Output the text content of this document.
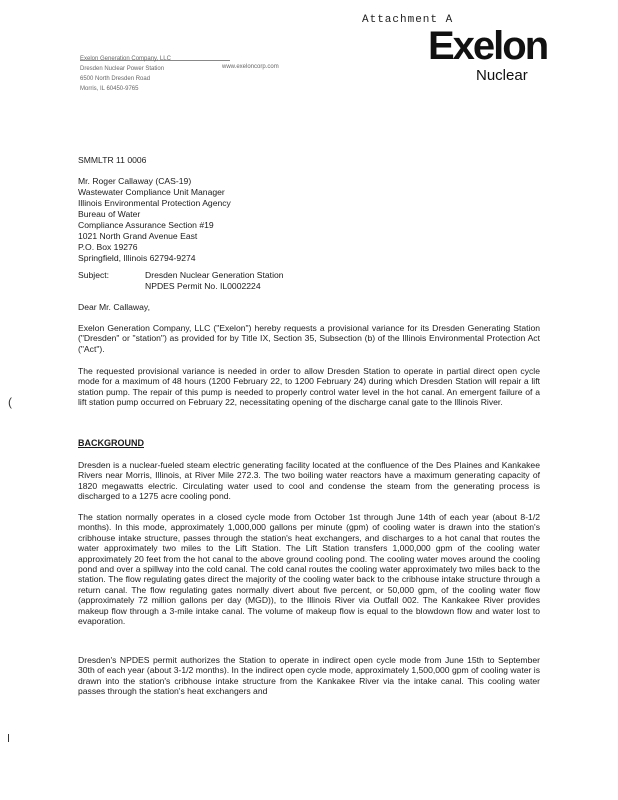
Attachment A
Exelon
Nuclear
Exelon Generation Company, LLC
Dresden Nuclear Power Station
6500 North Dresden Road
Morris, IL 60450-9765
www.exeloncorp.com
SMMLTR 11 0006
Mr. Roger Callaway (CAS-19)
Wastewater Compliance Unit Manager
Illinois Environmental Protection Agency
Bureau of Water
Compliance Assurance Section #19
1021 North Grand Avenue East
P.O. Box 19276
Springfield, Illinois 62794-9274
Subject:	Dresden Nuclear Generation Station
NPDES Permit No. IL0002224
Dear Mr. Callaway,
Exelon Generation Company, LLC ("Exelon") hereby requests a provisional variance for its Dresden Generating Station ("Dresden" or "station") as provided for by Title IX, Section 35, Subsection (b) of the Illinois Environmental Protection Act ("Act").
The requested provisional variance is needed in order to allow Dresden Station to operate in partial direct open cycle mode for a maximum of 48 hours (1200 February 22, to 1200 February 24) during which Dresden Station will repair a lift station pump. The repair of this pump is needed to properly control water level in the hot canal. An emergent failure of a lift station pump occurred on February 22, necessitating opening of the discharge canal gate to the Illinois River.
BACKGROUND
Dresden is a nuclear-fueled steam electric generating facility located at the confluence of the Des Plaines and Kankakee Rivers near Morris, Illinois, at River Mile 272.3. The two boiling water reactors have a maximum generating capacity of 1820 megawatts electric. Circulating water used to cool and condense the steam from the generating process is discharged to a 1275 acre cooling pond.
The station normally operates in a closed cycle mode from October 1st through June 14th of each year (about 8-1/2 months). In this mode, approximately 1,000,000 gallons per minute (gpm) of cooling water is drawn into the station's cribhouse intake structure, passes through the station's heat exchangers, and discharges to a hot canal that routes the water approximately two miles to the Lift Station. The Lift Station transfers 1,000,000 gpm of the cooling water approximately 20 feet from the hot canal to the above ground cooling pond. The cooling water moves around the cooling pond and over a spillway into the cold canal. The cold canal routes the cooling water approximately two miles back to the station. The flow regulating gates direct the majority of the cooling water back to the cribhouse intake structure through a return canal. The flow regulating gates normally divert about five percent, or 50,000 gpm, of the cooling water flow (approximately 72 million gallons per day (MGD)), to the Illinois River via Outfall 002. The Kankakee River provides makeup flow through a 3-mile intake canal. The volume of makeup flow is equal to the blowdown flow and water lost to evaporation.
Dresden's NPDES permit authorizes the Station to operate in indirect open cycle mode from June 15th to September 30th of each year (about 3-1/2 months). In the indirect open cycle mode, approximately 1,500,000 gpm of cooling water is drawn into the station's cribhouse intake structure from the Kankakee River via the intake canal. This cooling water passes through the station's heat exchangers and
(
